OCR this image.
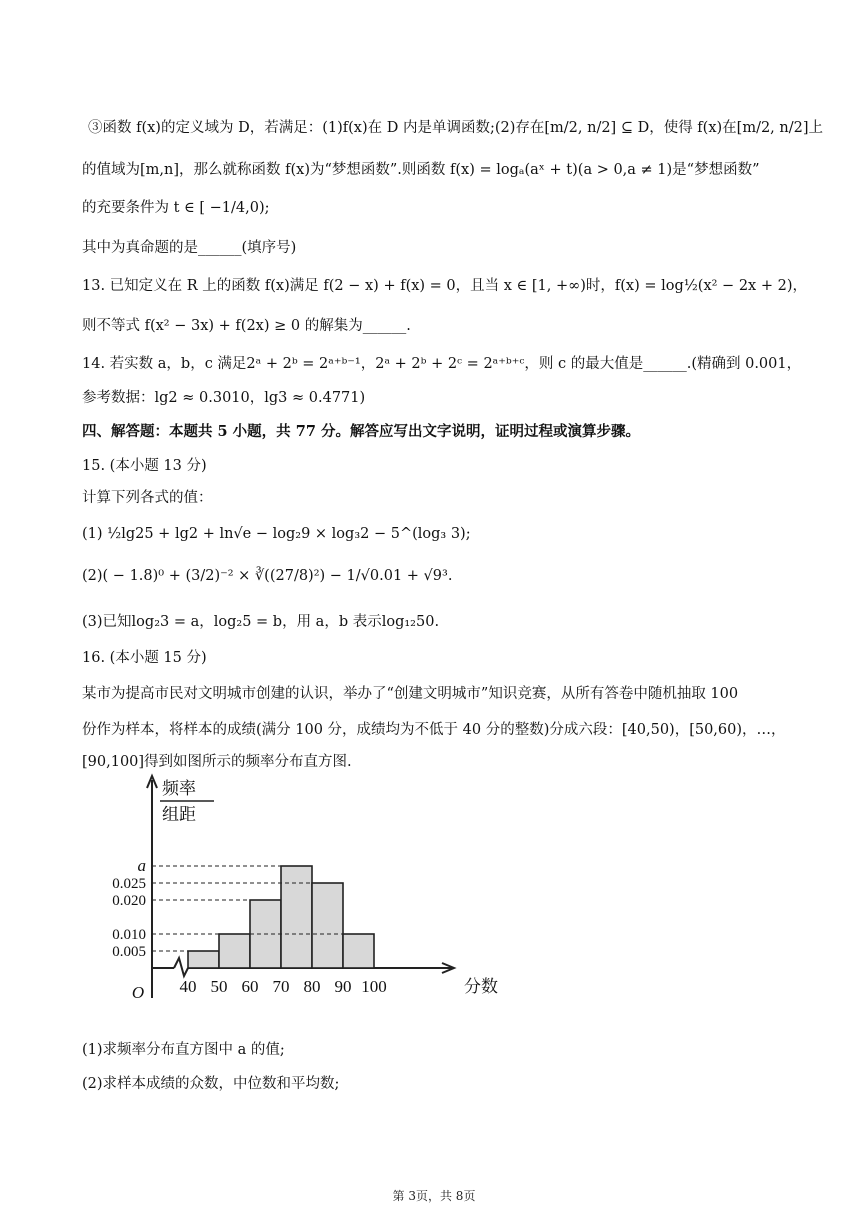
③函数 f(x)的定义域为 D，若满足：(1)f(x)在 D 内是单调函数;(2)存在[m/2, n/2] ⊆ D，使得 f(x)在[m/2, n/2]上
的值域为[m,n]，那么就称函数 f(x)为“梦想函数”.则函数 f(x) = logₐ(aˣ + t)(a > 0,a ≠ 1)是“梦想函数”
的充要条件为 t ∈ [ −1/4,0);
其中为真命题的是______(填序号)
13. 已知定义在 R 上的函数 f(x)满足 f(2 − x) + f(x) = 0，且当 x ∈ [1, +∞)时，f(x) = log½(x² − 2x + 2)，
则不等式 f(x² − 3x) + f(2x) ≥ 0 的解集为______.
14. 若实数 a，b，c 满足2ᵃ + 2ᵇ = 2ᵃ⁺ᵇ⁻¹，2ᵃ + 2ᵇ + 2ᶜ = 2ᵃ⁺ᵇ⁺ᶜ，则 c 的最大值是______.(精确到 0.001，
参考数据：lg2 ≈ 0.3010，lg3 ≈ 0.4771)
四、解答题：本题共 5 小题，共 77 分。解答应写出文字说明，证明过程或演算步骤。
15. (本小题 13 分)
计算下列各式的值：
(1) ½lg25 + lg2 + ln√e − log₂9 × log₃2 − 5^(log₃ 3);
(2)( − 1.8)⁰ + (3/2)⁻² × ∛((27/8)²) − 1/√0.01 + √9³.
(3)已知log₂3 = a，log₂5 = b，用 a，b 表示log₁₂50.
16. (本小题 15 分)
某市为提高市民对文明城市创建的认识，举办了“创建文明城市”知识竞赛，从所有答卷中随机抽取 100
份作为样本，将样本的成绩(满分 100 分，成绩均为不低于 40 分的整数)分成六段：[40,50)，[50,60)，…，
[90,100]得到如图所示的频率分布直方图.
(1)求频率分布直方图中 a 的值;
(2)求样本成绩的众数，中位数和平均数;
0.005
0.010
0.020
0.025
a
40 50 60 70 80 90 100	分数
O
频率
组距
第 3页，共 8页
